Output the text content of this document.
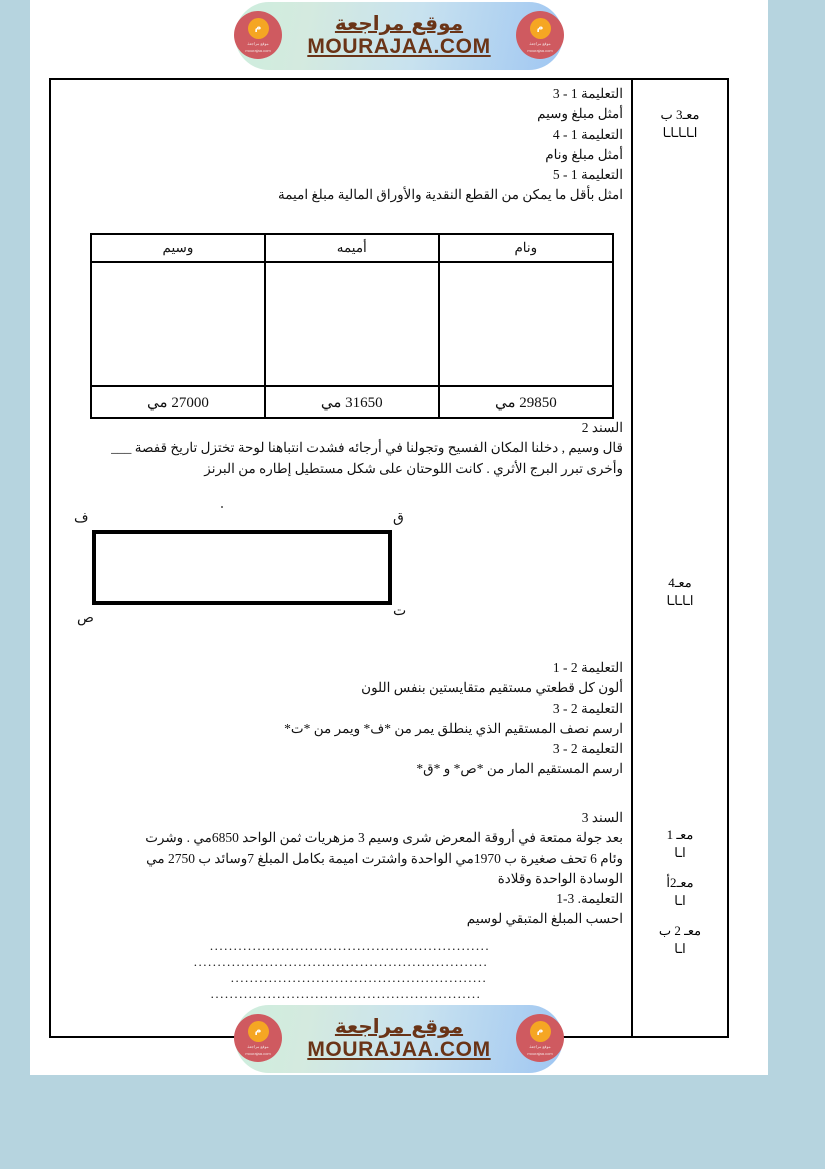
م
موقع مراجعة
mourajaa.com
م
موقع مراجعة
mourajaa.com
موقع مراجعة
MOURAJAA.COM
معـ3 ب
اـاـاـاـا
معـ4
اـاـاـا
معـ 1
اـا
معـ2أ
اـا
معـ 2 ب
اـا
التعليمة 1 - 3
أمثل مبلغ وسيم
التعليمة 1 - 4
أمثل مبلغ ونام
التعليمة 1 - 5
امثل بأقل ما يمكن من القطع النقدية والأوراق المالية مبلغ اميمة
ونام	أميمه	وسيم

29850 مي	31650 مي	27000 مي
السند 2
قال وسيم , دخلنا المكان الفسيح وتجولنا في أرجائه فشدت انتباهنا لوحة تختزل تاريخ قفصة ___
وأخرى تبرر البرج الأثري . كانت اللوحتان على شكل مستطيل إطاره من البرنز
ق
ف
ت
ص
التعليمة 2 - 1
ألون كل قطعتي مستقيم متقايستين بنفس اللون
التعليمة 2 - 3
ارسم نصف المستقيم الذي ينطلق يمر من *ف* ويمر من *ت*
التعليمة 2 - 3
ارسم المستقيم المار من *ص* و *ق*
السند 3
بعد جولة ممتعة في أروقة المعرض شرى وسيم 3 مزهريات ثمن الواحد 6850مي . وشرت
وئام 6 تحف صغيرة ب 1970مي الواحدة واشترت اميمة بكامل المبلغ 7وسائد ب 2750 مي
الوسادة الواحدة وقلادة
التعليمة. 3-1
احسب المبلغ المتبقي لوسيم
...........................................................
..............................................................
......................................................
.........................................................
م
موقع مراجعة
mourajaa.com
م
موقع مراجعة
mourajaa.com
موقع مراجعة
MOURAJAA.COM
